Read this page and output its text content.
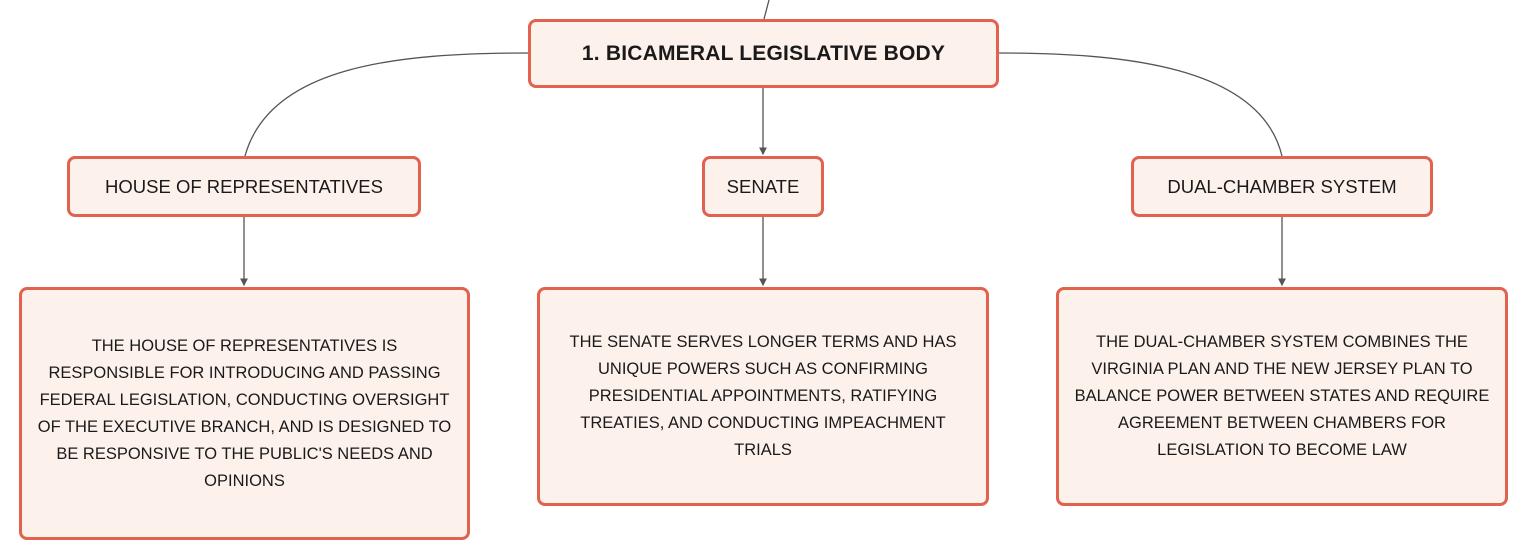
1. BICAMERAL LEGISLATIVE BODY
HOUSE OF REPRESENTATIVES	SENATE	DUAL-CHAMBER SYSTEM
THE HOUSE OF REPRESENTATIVES IS RESPONSIBLE FOR INTRODUCING AND PASSING FEDERAL LEGISLATION, CONDUCTING OVERSIGHT OF THE EXECUTIVE BRANCH, AND IS DESIGNED TO BE RESPONSIVE TO THE PUBLIC'S NEEDS AND OPINIONS
THE SENATE SERVES LONGER TERMS AND HAS UNIQUE POWERS SUCH AS CONFIRMING PRESIDENTIAL APPOINTMENTS, RATIFYING TREATIES, AND CONDUCTING IMPEACHMENT TRIALS
THE DUAL-CHAMBER SYSTEM COMBINES THE VIRGINIA PLAN AND THE NEW JERSEY PLAN TO BALANCE POWER BETWEEN STATES AND REQUIRE AGREEMENT BETWEEN CHAMBERS FOR LEGISLATION TO BECOME LAW
